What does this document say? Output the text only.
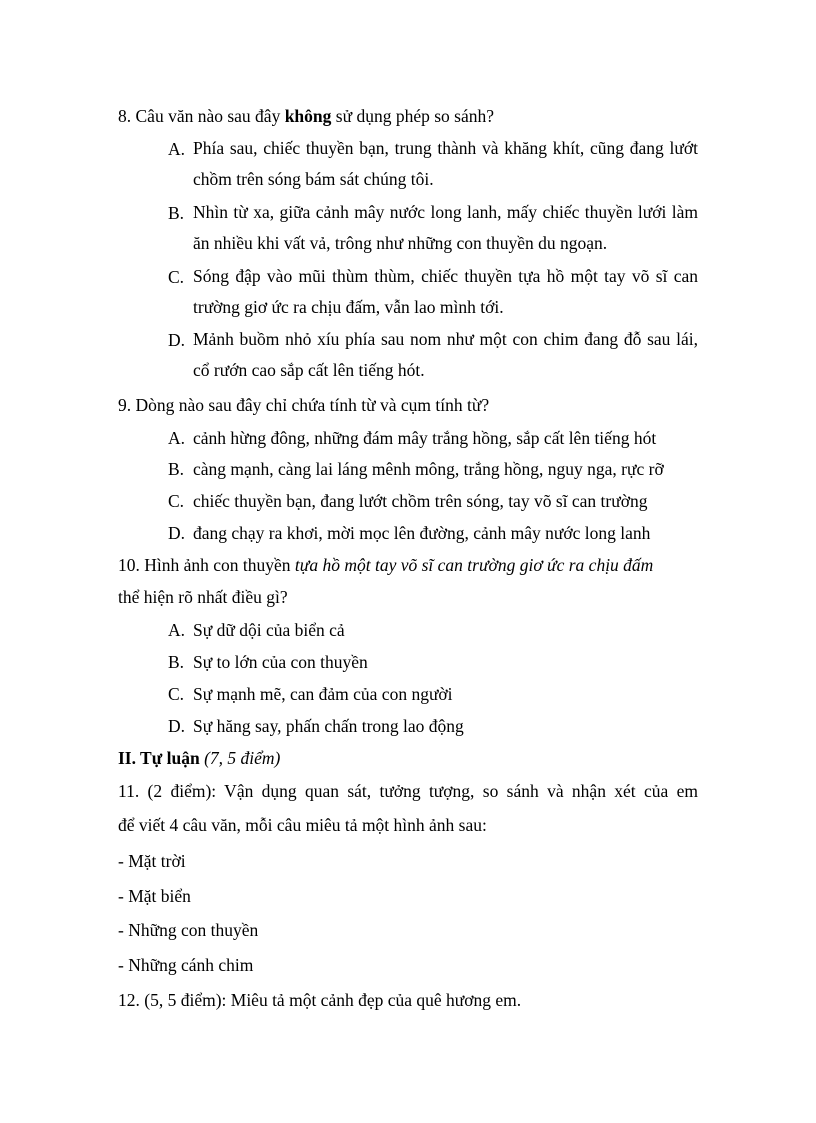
8. Câu văn nào sau đây không sử dụng phép so sánh?
A. Phía sau, chiếc thuyền bạn, trung thành và khăng khít, cũng đang lướt chồm trên sóng bám sát chúng tôi.
B. Nhìn từ xa, giữa cảnh mây nước long lanh, mấy chiếc thuyền lưới làm ăn nhiều khi vất vả, trông như những con thuyền du ngoạn.
C. Sóng đập vào mũi thùm thùm, chiếc thuyền tựa hồ một tay võ sĩ can trường giơ ức ra chịu đấm, vẫn lao mình tới.
D. Mảnh buồm nhỏ xíu phía sau nom như một con chim đang đỗ sau lái, cổ rướn cao sắp cất lên tiếng hót.
9. Dòng nào sau đây chỉ chứa tính từ và cụm tính từ?
A. cảnh hừng đông, những đám mây trắng hồng, sắp cất lên tiếng hót
B. càng mạnh, càng lai láng mênh mông, trắng hồng, nguy nga, rực rỡ
C. chiếc thuyền bạn, đang lướt chồm trên sóng, tay võ sĩ can trường
D. đang chạy ra khơi, mời mọc lên đường, cảnh mây nước long lanh
10. Hình ảnh con thuyền tựa hồ một tay võ sĩ can trường giơ ức ra chịu đấm
thể hiện rõ nhất điều gì?
A. Sự dữ dội của biển cả
B. Sự to lớn của con thuyền
C. Sự mạnh mẽ, can đảm của con người
D. Sự hăng say, phấn chấn trong lao động
II. Tự luận (7, 5 điểm)
11. (2 điểm): Vận dụng quan sát, tưởng tượng, so sánh và nhận xét của em
để viết 4 câu văn, mỗi câu miêu tả một hình ảnh sau:
- Mặt trời
- Mặt biển
- Những con thuyền
- Những cánh chim
12. (5, 5 điểm): Miêu tả một cảnh đẹp của quê hương em.
